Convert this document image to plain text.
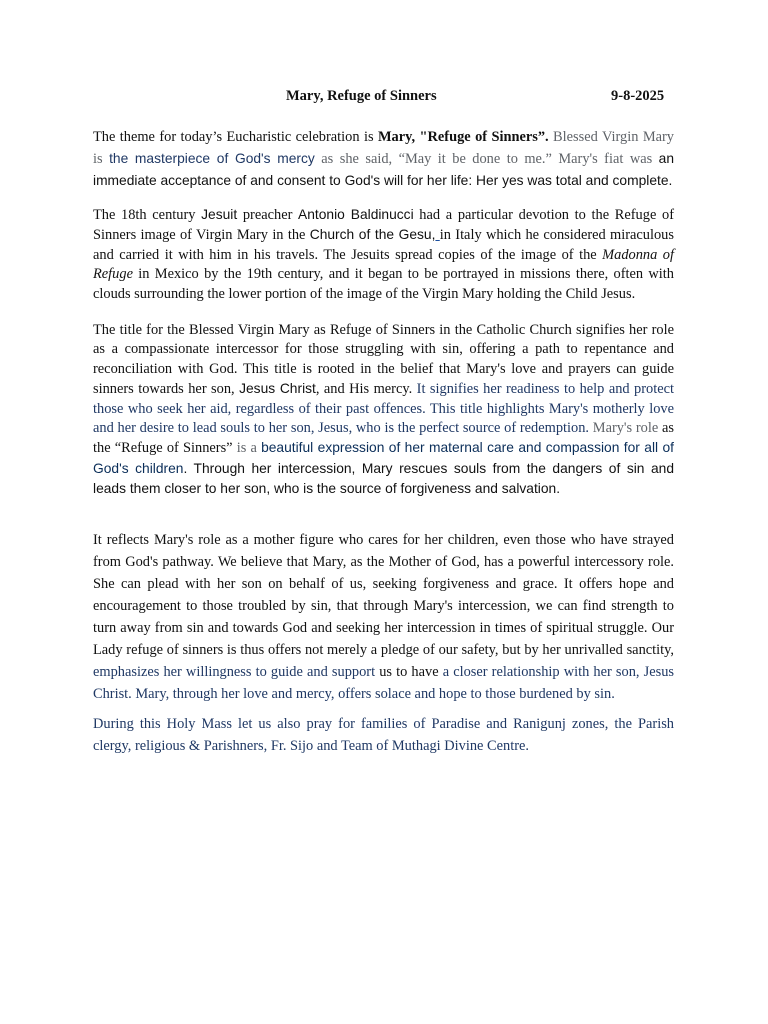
Mary, Refuge of Sinners	9-8-2025

The theme for today’s Eucharistic celebration is Mary, "Refuge of Sinners”. Blessed Virgin Mary is the masterpiece of God's mercy as she said, “May it be done to me.” Mary's fiat was an immediate acceptance of and consent to God's will for her life: Her yes was total and complete.

The 18th century Jesuit preacher Antonio Baldinucci had a particular devotion to the Refuge of Sinners image of Virgin Mary in the Church of the Gesu, in Italy which he considered miraculous and carried it with him in his travels. The Jesuits spread copies of the image of the Madonna of Refuge in Mexico by the 19th century, and it began to be portrayed in missions there, often with clouds surrounding the lower portion of the image of the Virgin Mary holding the Child Jesus.

The title for the Blessed Virgin Mary as Refuge of Sinners in the Catholic Church signifies her role as a compassionate intercessor for those struggling with sin, offering a path to repentance and reconciliation with God. This title is rooted in the belief that Mary's love and prayers can guide sinners towards her son, Jesus Christ, and His mercy. It signifies her readiness to help and protect those who seek her aid, regardless of their past offences. This title highlights Mary's motherly love and her desire to lead souls to her son, Jesus, who is the perfect source of redemption. Mary's role as the “Refuge of Sinners” is a beautiful expression of her maternal care and compassion for all of God's children. Through her intercession, Mary rescues souls from the dangers of sin and leads them closer to her son, who is the source of forgiveness and salvation.

It reflects Mary's role as a mother figure who cares for her children, even those who have strayed from God's pathway. We believe that Mary, as the Mother of God, has a powerful intercessory role. She can plead with her son on behalf of us, seeking forgiveness and grace. It offers hope and encouragement to those troubled by sin, that through Mary's intercession, we can find strength to turn away from sin and towards God and seeking her intercession in times of spiritual struggle. Our Lady refuge of sinners is thus offers not merely a pledge of our safety, but by her unrivalled sanctity, emphasizes her willingness to guide and support us to have a closer relationship with her son, Jesus Christ. Mary, through her love and mercy, offers solace and hope to those burdened by sin.

During this Holy Mass let us also pray for families of Paradise and Ranigunj zones, the Parish clergy, religious & Parishners, Fr. Sijo and Team of Muthagi Divine Centre.
